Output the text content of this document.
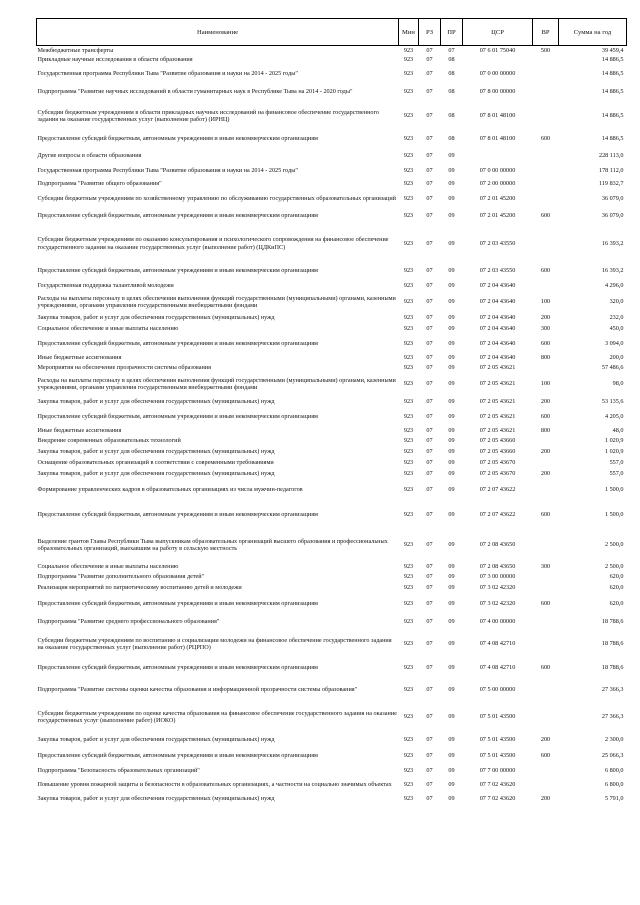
Наименование	Мин	РЗ	ПР	ЦСР	ВР	Сумма на год
Межбюджетные трансферты	923	07	07	07 6 01 75040	500	39 459,4
Прикладные научные исследования в области образования	923	07	08			14 886,5
Государственная программа Республики Тыва "Развитие образования и науки на 2014 - 2025 годы"	923	07	08	07 0 00 00000		14 886,5
Подпрограмма "Развитие научных исследований в области гуманитарных наук в Республике Тыва на 2014 - 2020 годы"	923	07	08	07 8 00 00000		14 886,5
Субсидии бюджетным учреждениям в области прикладных научных исследований на финансовое обеспечение государственного задания на оказание государственных услуг (выполнение работ) (ИРНЦ)	923	07	08	07 8 01 48100		14 886,5
Предоставление субсидий бюджетным, автономным учреждениям и иным некоммерческим организациям	923	07	08	07 8 01 48100	600	14 886,5
Другие вопросы в области образования	923	07	09			228 113,0
Государственная программа Республики Тыва "Развитие образования и науки на 2014 - 2025 годы"	923	07	09	07 0 00 00000		178 112,0
Подпрограмма "Развитие общего образования"	923	07	09	07 2 00 00000		119 832,7
Субсидии бюджетным учреждениям по хозяйственному управлению по обслуживанию государственных образовательных организаций	923	07	09	07 2 01 45200		36 079,0
Предоставление субсидий бюджетным, автономным учреждениям и иным некоммерческим организациям	923	07	09	07 2 01 45200	600	36 079,0
Субсидии бюджетным учреждениям по оказанию консультирования и психологического сопровождения на финансовое обеспечение государственного задания на оказание государственных услуг (выполнение работ) (ЦДКиПС)	923	07	09	07 2 03 43550		16 393,2
Предоставление субсидий бюджетным, автономным учреждениям и иным некоммерческим организациям	923	07	09	07 2 03 43550	600	16 393,2
Государственная поддержка талантливой молодежи	923	07	09	07 2 04 43640		4 296,0
Расходы на выплаты персоналу в целях обеспечения выполнения функций государственными (муниципальными) органами, казенными учреждениями, органами управления государственными внебюджетными фондами	923	07	09	07 2 04 43640	100	320,0
Закупка товаров, работ и услуг для обеспечения государственных (муниципальных) нужд	923	07	09	07 2 04 43640	200	232,0
Социальное обеспечение и иные выплаты населению	923	07	09	07 2 04 43640	300	450,0
Предоставление субсидий бюджетным, автономным учреждениям и иным некоммерческим организациям	923	07	09	07 2 04 43640	600	3 094,0
Иные бюджетные ассигнования	923	07	09	07 2 04 43640	800	200,0
Мероприятия на обеспечение прозрачности системы образования	923	07	09	07 2 05 43621		57 486,6
Расходы на выплаты персоналу в целях обеспечения выполнения функций государственными (муниципальными) органами, казенными учреждениями, органами управления государственными внебюджетными фондами	923	07	09	07 2 05 43621	100	98,0
Закупка товаров, работ и услуг для обеспечения государственных (муниципальных) нужд	923	07	09	07 2 05 43621	200	53 135,6
Предоставление субсидий бюджетным, автономным учреждениям и иным некоммерческим организациям	923	07	09	07 2 05 43621	600	4 205,0
Иные бюджетные ассигнования	923	07	09	07 2 05 43621	800	48,0
Внедрение современных образовательных технологий	923	07	09	07 2 05 43660		1 020,9
Закупка товаров, работ и услуг для обеспечения государственных (муниципальных) нужд	923	07	09	07 2 05 43660	200	1 020,9
Оснащение образовательных организаций в соответствии с современными требованиями	923	07	09	07 2 05 43670		557,0
Закупка товаров, работ и услуг для обеспечения государственных (муниципальных) нужд	923	07	09	07 2 05 43670	200	557,0
Формирование управленческих кадров в образовательных организациях из числа мужчин-педагогов	923	07	09	07 2 07 43622		1 500,0
Предоставление субсидий бюджетным, автономным учреждениям и иным некоммерческим организациям	923	07	09	07 2 07 43622	600	1 500,0
Выделение грантов Главы Республики Тыва выпускникам образовательных организаций высшего образования и профессиональных образовательных организаций, выехавшим на работу в сельскую местность	923	07	09	07 2 08 43650		2 500,0
Социальное обеспечение и иные выплаты населению	923	07	09	07 2 08 43650	300	2 500,0
Подпрограмма "Развитие дополнительного образования детей"	923	07	09	07 3 00 00000		620,0
Реализация мероприятий по патриотическому воспитанию детей и молодежи	923	07	09	07 3 02 42320		620,0
Предоставление субсидий бюджетным, автономным учреждениям и иным некоммерческим организациям	923	07	09	07 3 02 42320	600	620,0
Подпрограмма "Развитие среднего профессионального образования"	923	07	09	07 4 00 00000		18 788,6
Субсидии бюджетным учреждениям по воспитанию и социализации молодежи на финансовое обеспечение государственного задания на оказание государственных услуг (выполнение работ) (РЦРПО)	923	07	09	07 4 08 42710		18 788,6
Предоставление субсидий бюджетным, автономным учреждениям и иным некоммерческим организациям	923	07	09	07 4 08 42710	600	18 788,6
Подпрограмма "Развитие системы оценки качества образования и информационной прозрачности системы образования"	923	07	09	07 5 00 00000		27 366,3
Субсидии бюджетным учреждениям по оценке качества образования на финансовое обеспечение государственного задания на оказание государственных услуг (выполнение работ) (ИОКО)	923	07	09	07 5 01 43500		27 366,3
Закупка товаров, работ и услуг для обеспечения государственных (муниципальных) нужд	923	07	09	07 5 01 43500	200	2 300,0
Предоставление субсидий бюджетным, автономным учреждениям и иным некоммерческим организациям	923	07	09	07 5 01 43500	600	25 066,3
Подпрограмма "Безопасность образовательных организаций"	923	07	09	07 7 00 00000		6 800,0
Повышение уровня пожарной защиты и безопасности в образовательных организациях, а частности на социально значимых объектах	923	07	09	07 7 02 43620		6 800,0
Закупка товаров, работ и услуг для обеспечения государственных (муниципальных) нужд	923	07	09	07 7 02 43620	200	5 791,0
